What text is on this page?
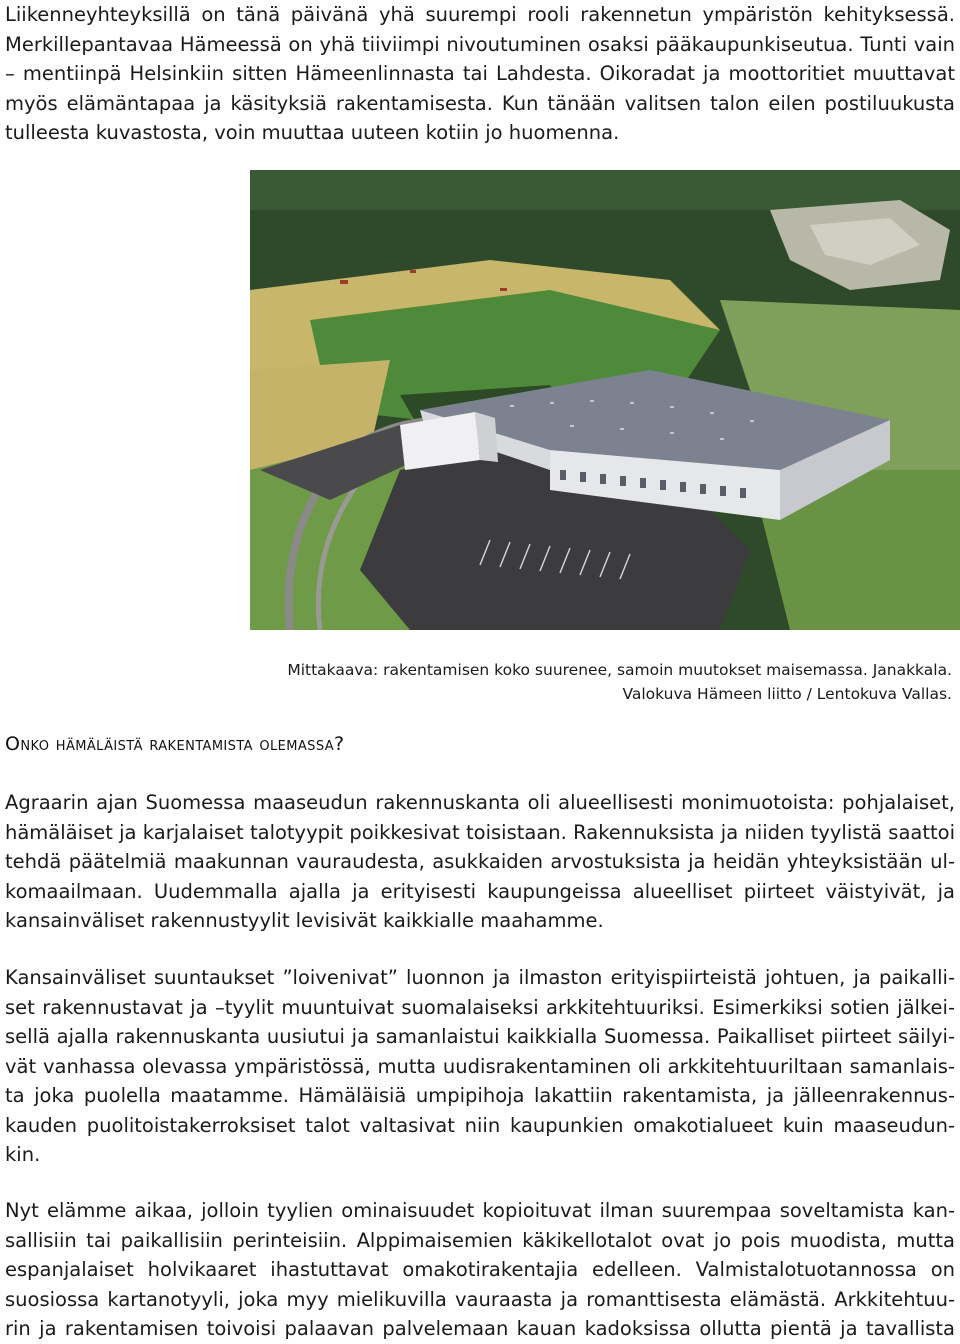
Liikenneyhteyksillä on tänä päivänä yhä suurempi rooli rakennetun ympäristön kehityksessä.
Merkillepantavaa Hämeessä on yhä tiiviimpi nivoutuminen osaksi pääkaupunkiseutua. Tunti vain
– mentiinpä Helsinkiin sitten Hämeenlinnasta tai Lahdesta. Oikoradat ja moottoritiet muuttavat
myös elämäntapaa ja käsityksiä rakentamisesta. Kun tänään valitsen talon eilen postiluukusta
tulleesta kuvastosta, voin muuttaa uuteen kotiin jo huomenna.
Mittakaava: rakentamisen koko suurenee, samoin muutokset maisemassa. Janakkala.
Valokuva Hämeen liitto / Lentokuva Vallas.
Onko hämäläistä rakentamista olemassa?
Agraarin ajan Suomessa maaseudun rakennuskanta oli alueellisesti monimuotoista: pohjalaiset,
hämäläiset ja karjalaiset talotyypit poikkesivat toisistaan. Rakennuksista ja niiden tyylistä saattoi
tehdä päätelmiä maakunnan vauraudesta, asukkaiden arvostuksista ja heidän yhteyksistään ul-
komaailmaan. Uudemmalla ajalla ja erityisesti kaupungeissa alueelliset piirteet väistyivät, ja
kansainväliset rakennustyylit levisivät kaikkialle maahamme.
Kansainväliset suuntaukset ”loivenivat” luonnon ja ilmaston erityispiirteistä johtuen, ja paikalli-
set rakennustavat ja –tyylit muuntuivat suomalaiseksi arkkitehtuuriksi. Esimerkiksi sotien jälkei-
sellä ajalla rakennuskanta uusiutui ja samanlaistui kaikkialla Suomessa. Paikalliset piirteet säilyi-
vät vanhassa olevassa ympäristössä, mutta uudisrakentaminen oli arkkitehtuuriltaan samanlais-
ta joka puolella maatamme. Hämäläisiä umpipihoja lakattiin rakentamista, ja jälleenrakennus-
kauden puolitoistakerroksiset talot valtasivat niin kaupunkien omakotialueet kuin maaseudun-
kin.
Nyt elämme aikaa, jolloin tyylien ominaisuudet kopioituvat ilman suurempaa soveltamista kan-
sallisiin tai paikallisiin perinteisiin. Alppimaisemien käkikellotalot ovat jo pois muodista, mutta
espanjalaiset holvikaaret ihastuttavat omakotirakentajia edelleen. Valmistalotuotannossa on
suosiossa kartanotyyli, joka myy mielikuvilla vauraasta ja romanttisesta elämästä. Arkkitehtuu-
rin ja rakentamisen toivoisi palaavan palvelemaan kauan kadoksissa ollutta pientä ja tavallista
